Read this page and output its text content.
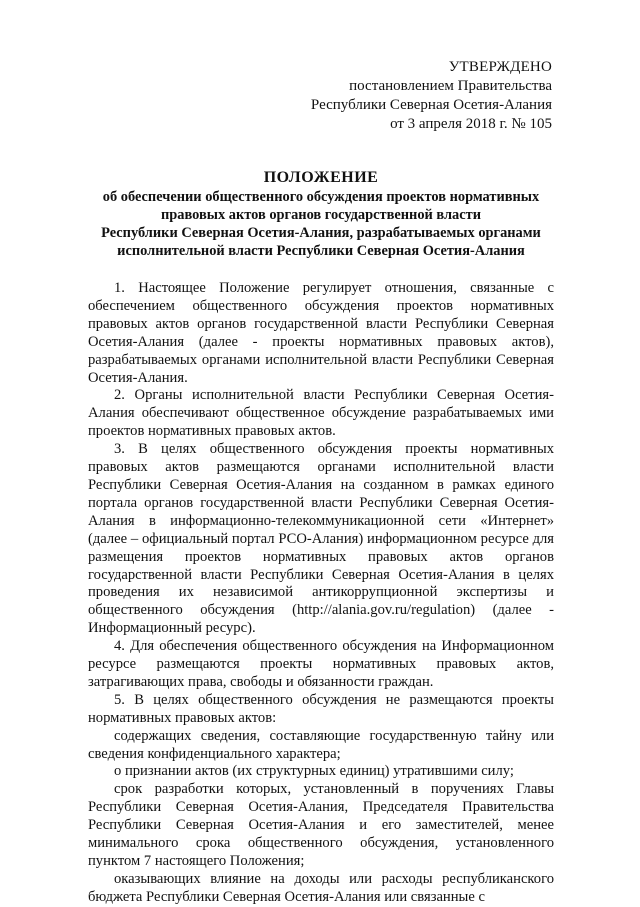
УТВЕРЖДЕНО
постановлением Правительства
Республики Северная Осетия-Алания
от 3 апреля 2018 г. № 105
ПОЛОЖЕНИЕ
об обеспечении общественного обсуждения проектов нормативных
правовых актов органов государственной власти
Республики Северная Осетия-Алания, разрабатываемых органами
исполнительной власти Республики Северная Осетия-Алания

1. Настоящее Положение регулирует отношения, связанные с обеспечением общественного обсуждения проектов нормативных правовых актов органов государственной власти Республики Северная Осетия-Алания (далее - проекты нормативных правовых актов), разрабатываемых органами исполнительной власти Республики Северная Осетия-Алания.

2. Органы исполнительной власти Республики Северная Осетия-Алания обеспечивают общественное обсуждение разрабатываемых ими проектов нормативных правовых актов.

3. В целях общественного обсуждения проекты нормативных правовых актов размещаются органами исполнительной власти Республики Северная Осетия-Алания на созданном в рамках единого портала органов государственной власти Республики Северная Осетия-Алания в информационно-телекоммуникационной сети «Интернет» (далее – официальный портал РСО-Алания) информационном ресурсе для размещения проектов нормативных правовых актов органов государственной власти Республики Северная Осетия-Алания в целях проведения их независимой антикоррупционной экспертизы и общественного обсуждения (http://alania.gov.ru/regulation) (далее - Информационный ресурс).

4. Для обеспечения общественного обсуждения на Информационном ресурсе размещаются проекты нормативных правовых актов, затрагивающих права, свободы и обязанности граждан.

5. В целях общественного обсуждения не размещаются проекты нормативных правовых актов:

содержащих сведения, составляющие государственную тайну или сведения конфиденциального характера;

о признании актов (их структурных единиц) утратившими силу;

срок разработки которых, установленный в поручениях Главы Республики Северная Осетия-Алания, Председателя Правительства Республики Северная Осетия-Алания и его заместителей, менее минимального срока общественного обсуждения, установленного пунктом 7 настоящего Положения;

оказывающих влияние на доходы или расходы республиканского бюджета Республики Северная Осетия-Алания или связанные с
